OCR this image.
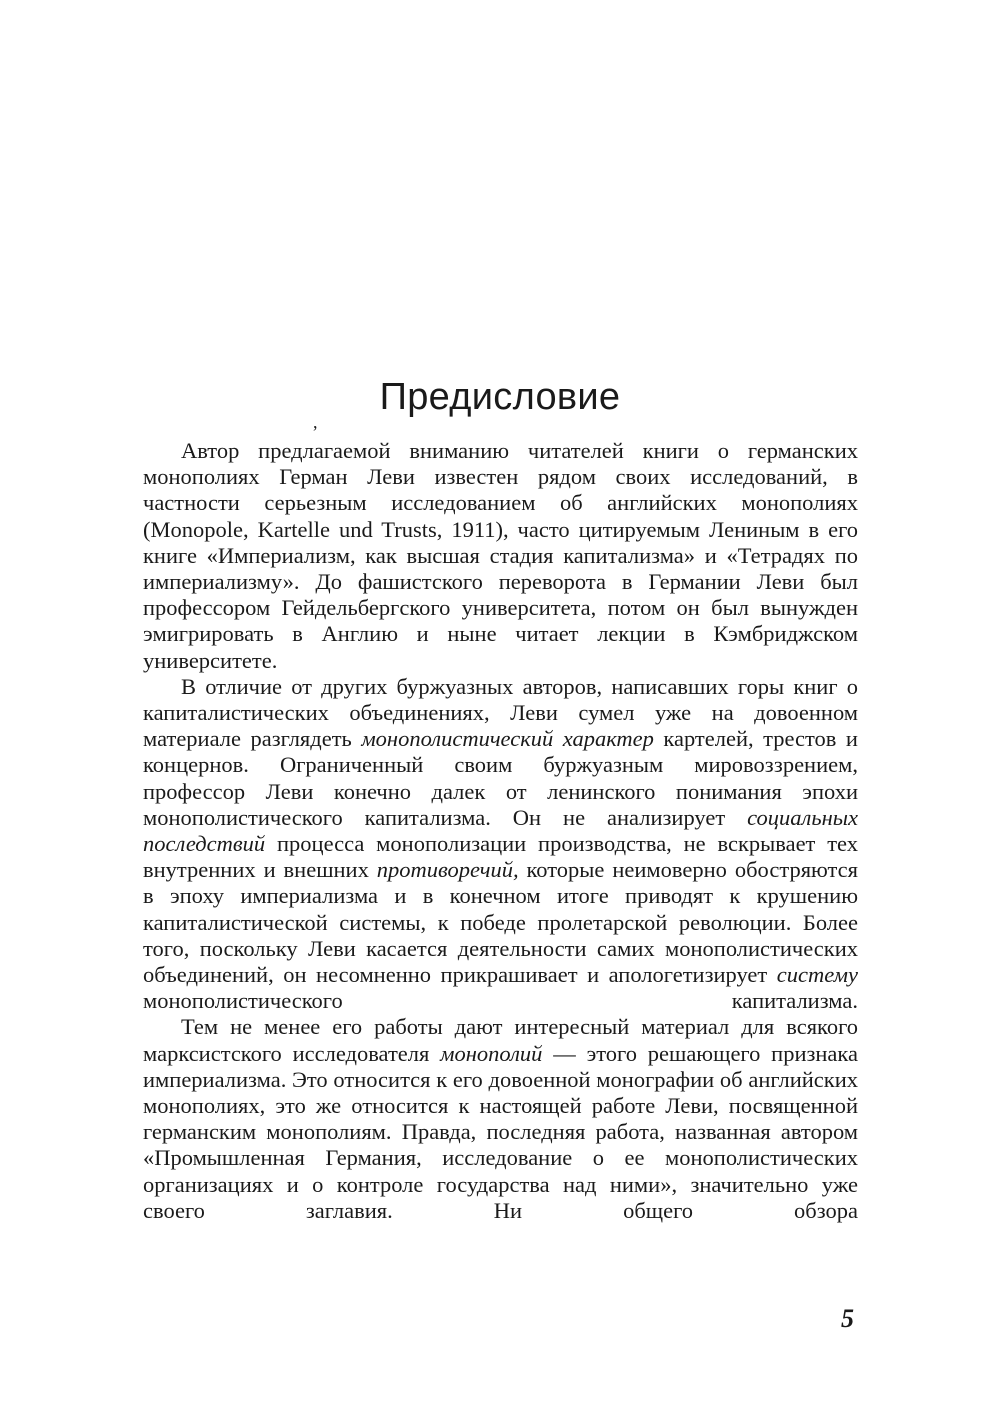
Предисловие
,

Автор предлагаемой вниманию читателей книги о германских монополиях Герман Леви известен рядом своих исследований, в частности серьезным исследованием об английских монополиях (Monopole, Kartelle und Trusts, 1911), часто цитируемым Лениным в его книге «Империализм, как высшая стадия капитализма» и «Тетрадях по империализму». До фашистского переворота в Германии Леви был профессором Гейдельбергского университета, потом он был вынужден эмигрировать в Англию и ныне читает лекции в Кэмбриджском университете.

В отличие от других буржуазных авторов, написавших горы книг о капиталистических объединениях, Леви сумел уже на довоенном материале разглядеть монополистический характер картелей, трестов и концернов. Ограниченный своим буржуазным мировоззрением, профессор Леви конечно далек от ленинского понимания эпохи монополистического капитализма. Он не анализирует социальных последствий процесса монополизации производства, не вскрывает тех внутренних и внешних противоречий, которые неимоверно обостряются в эпоху империализма и в конечном итоге приводят к крушению капиталистической системы, к победе пролетарской революции. Более того, поскольку Леви касается деятельности самих монополистических объединений, он несомненно прикрашивает и апологетизирует систему монополистического капитализма.

Тем не менее его работы дают интересный материал для всякого марксистского исследователя монополий — этого решающего признака империализма. Это относится к его довоенной монографии об английских монополиях, это же относится к настоящей работе Леви, посвященной германским монополиям. Правда, последняя работа, названная автором «Промышленная Германия, исследование о ее монополистических организациях и о контроле государства над ними», значительно уже своего заглавия. Ни общего обзора

5
